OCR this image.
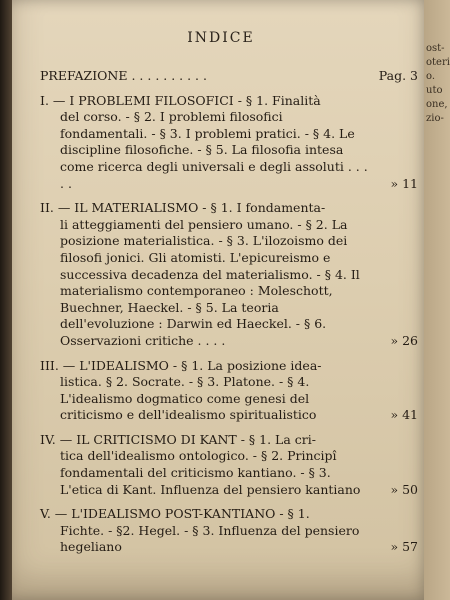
INDICE
PREFAZIONE . . . . . . . . . .	Pag. 3
I. — I PROBLEMI FILOSOFICI - § 1. Finalità
del corso. - § 2. I problemi filosofici fondamentali. - § 3. I problemi pratici. - § 4. Le discipline filosofiche. - § 5. La filosofia intesa come ricerca degli universali e degli assoluti . . . . .	» 11
II. — IL MATERIALISMO - § 1. I fondamenta-
li atteggiamenti del pensiero umano. - § 2. La posizione materialistica. - § 3. L'ilozoismo dei filosofi jonici. Gli atomisti. L'epicureismo e successiva decadenza del materialismo. - § 4. Il materialismo contemporaneo : Moleschott, Buechner, Haeckel. - § 5. La teoria dell'evoluzione : Darwin ed Haeckel. - § 6. Osservazioni critiche . . . .	» 26
III. — L'IDEALISMO - § 1. La posizione idea-
listica. § 2. Socrate. - § 3. Platone. - § 4. L'idealismo dogmatico come genesi del criticismo e dell'idealismo spiritualistico	» 41
IV. — IL CRITICISMO DI KANT - § 1. La cri-
tica dell'idealismo ontologico. - § 2. Principî fondamentali del criticismo kantiano. - § 3. L'etica di Kant. Influenza del pensiero kantiano	» 50
V. — L'IDEALISMO POST-KANTIANO - § 1.
Fichte. - §2. Hegel. - § 3. Influenza del pensiero hegeliano	» 57
ost-
oteri
o.
uto
one,
zio-
